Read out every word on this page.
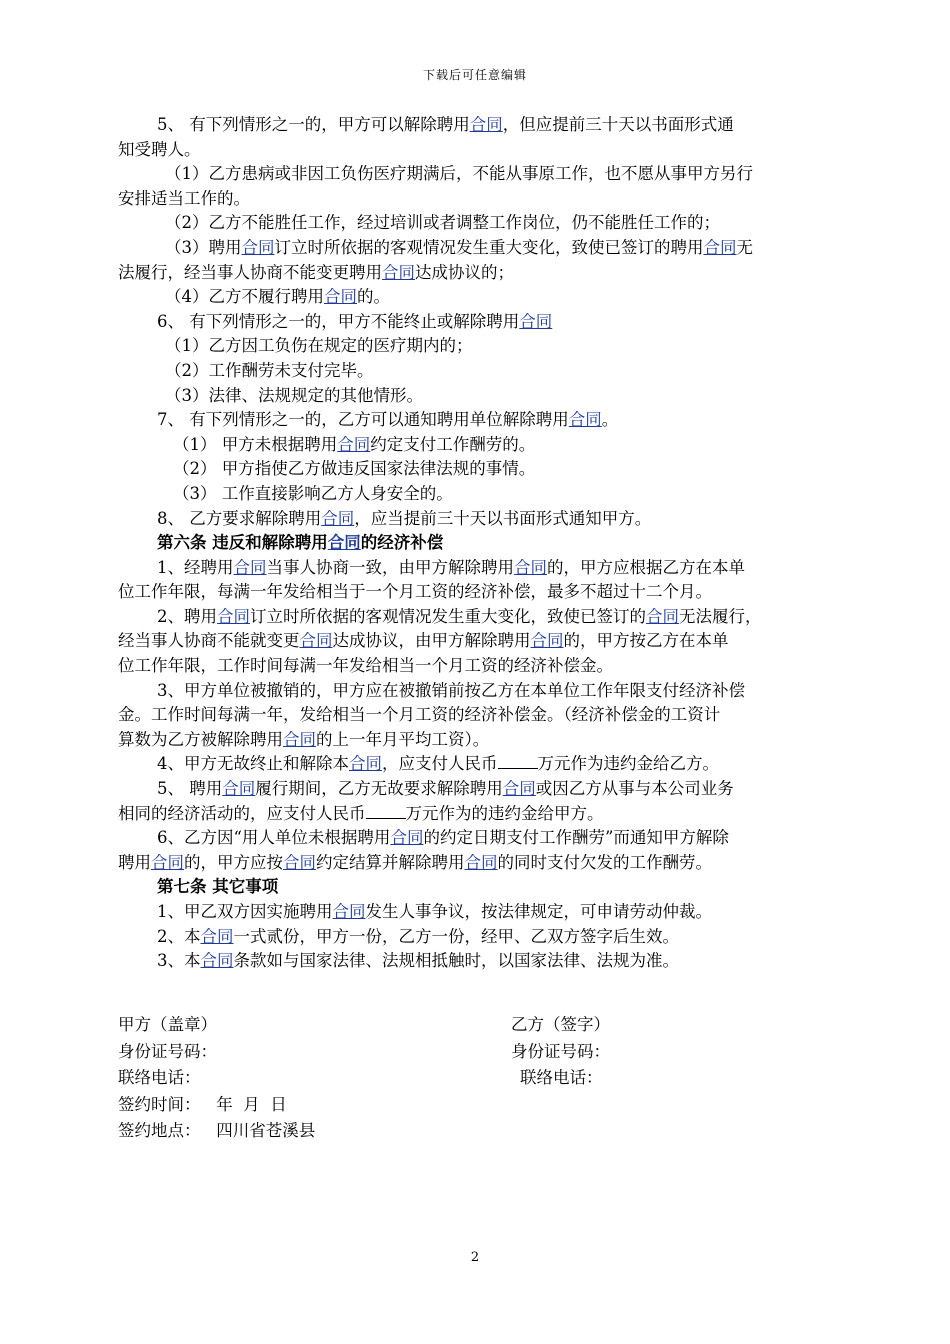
下载后可任意编辑

5、 有下列情形之一的，甲方可以解除聘用合同，但应提前三十天以书面形式通

知受聘人。

（1）乙方患病或非因工负伤医疗期满后，不能从事原工作，也不愿从事甲方另行

安排适当工作的。

（2）乙方不能胜任工作，经过培训或者调整工作岗位，仍不能胜任工作的；

（3）聘用合同订立时所依据的客观情况发生重大变化，致使已签订的聘用合同无

法履行，经当事人协商不能变更聘用合同达成协议的；

（4）乙方不履行聘用合同的。

6、 有下列情形之一的，甲方不能终止或解除聘用合同

（1）乙方因工负伤在规定的医疗期内的；

（2）工作酬劳未支付完毕。

（3）法律、法规规定的其他情形。

7、 有下列情形之一的，乙方可以通知聘用单位解除聘用合同。

（1） 甲方未根据聘用合同约定支付工作酬劳的。

（2） 甲方指使乙方做违反国家法律法规的事情。

（3） 工作直接影响乙方人身安全的。

8、 乙方要求解除聘用合同，应当提前三十天以书面形式通知甲方。

第六条 违反和解除聘用合同的经济补偿

1、经聘用合同当事人协商一致，由甲方解除聘用合同的，甲方应根据乙方在本单

位工作年限，每满一年发给相当于一个月工资的经济补偿，最多不超过十二个月。

2、聘用合同订立时所依据的客观情况发生重大变化，致使已签订的合同无法履行，

经当事人协商不能就变更合同达成协议，由甲方解除聘用合同的，甲方按乙方在本单

位工作年限，工作时间每满一年发给相当一个月工资的经济补偿金。

3、甲方单位被撤销的，甲方应在被撤销前按乙方在本单位工作年限支付经济补偿

金。工作时间每满一年，发给相当一个月工资的经济补偿金。（经济补偿金的工资计

算数为乙方被解除聘用合同的上一年月平均工资）。

4、甲方无故终止和解除本合同，应支付人民币 万元作为违约金给乙方。

5、 聘用合同履行期间，乙方无故要求解除聘用合同或因乙方从事与本公司业务

相同的经济活动的，应支付人民币 万元作为的违约金给甲方。

6、乙方因“用人单位未根据聘用合同的约定日期支付工作酬劳”而通知甲方解除

聘用合同的，甲方应按合同约定结算并解除聘用合同的同时支付欠发的工作酬劳。

第七条 其它事项

1、甲乙双方因实施聘用合同发生人事争议，按法律规定，可申请劳动仲裁。

2、本合同一式贰份，甲方一份，乙方一份，经甲、乙双方签字后生效。

3、本合同条款如与国家法律、法规相抵触时，以国家法律、法规为准。

甲方（盖章）	乙方（签字）
身份证号码：	身份证号码：
联络电话：	联络电话：
签约时间：   年  月  日
签约地点：   四川省苍溪县
2
